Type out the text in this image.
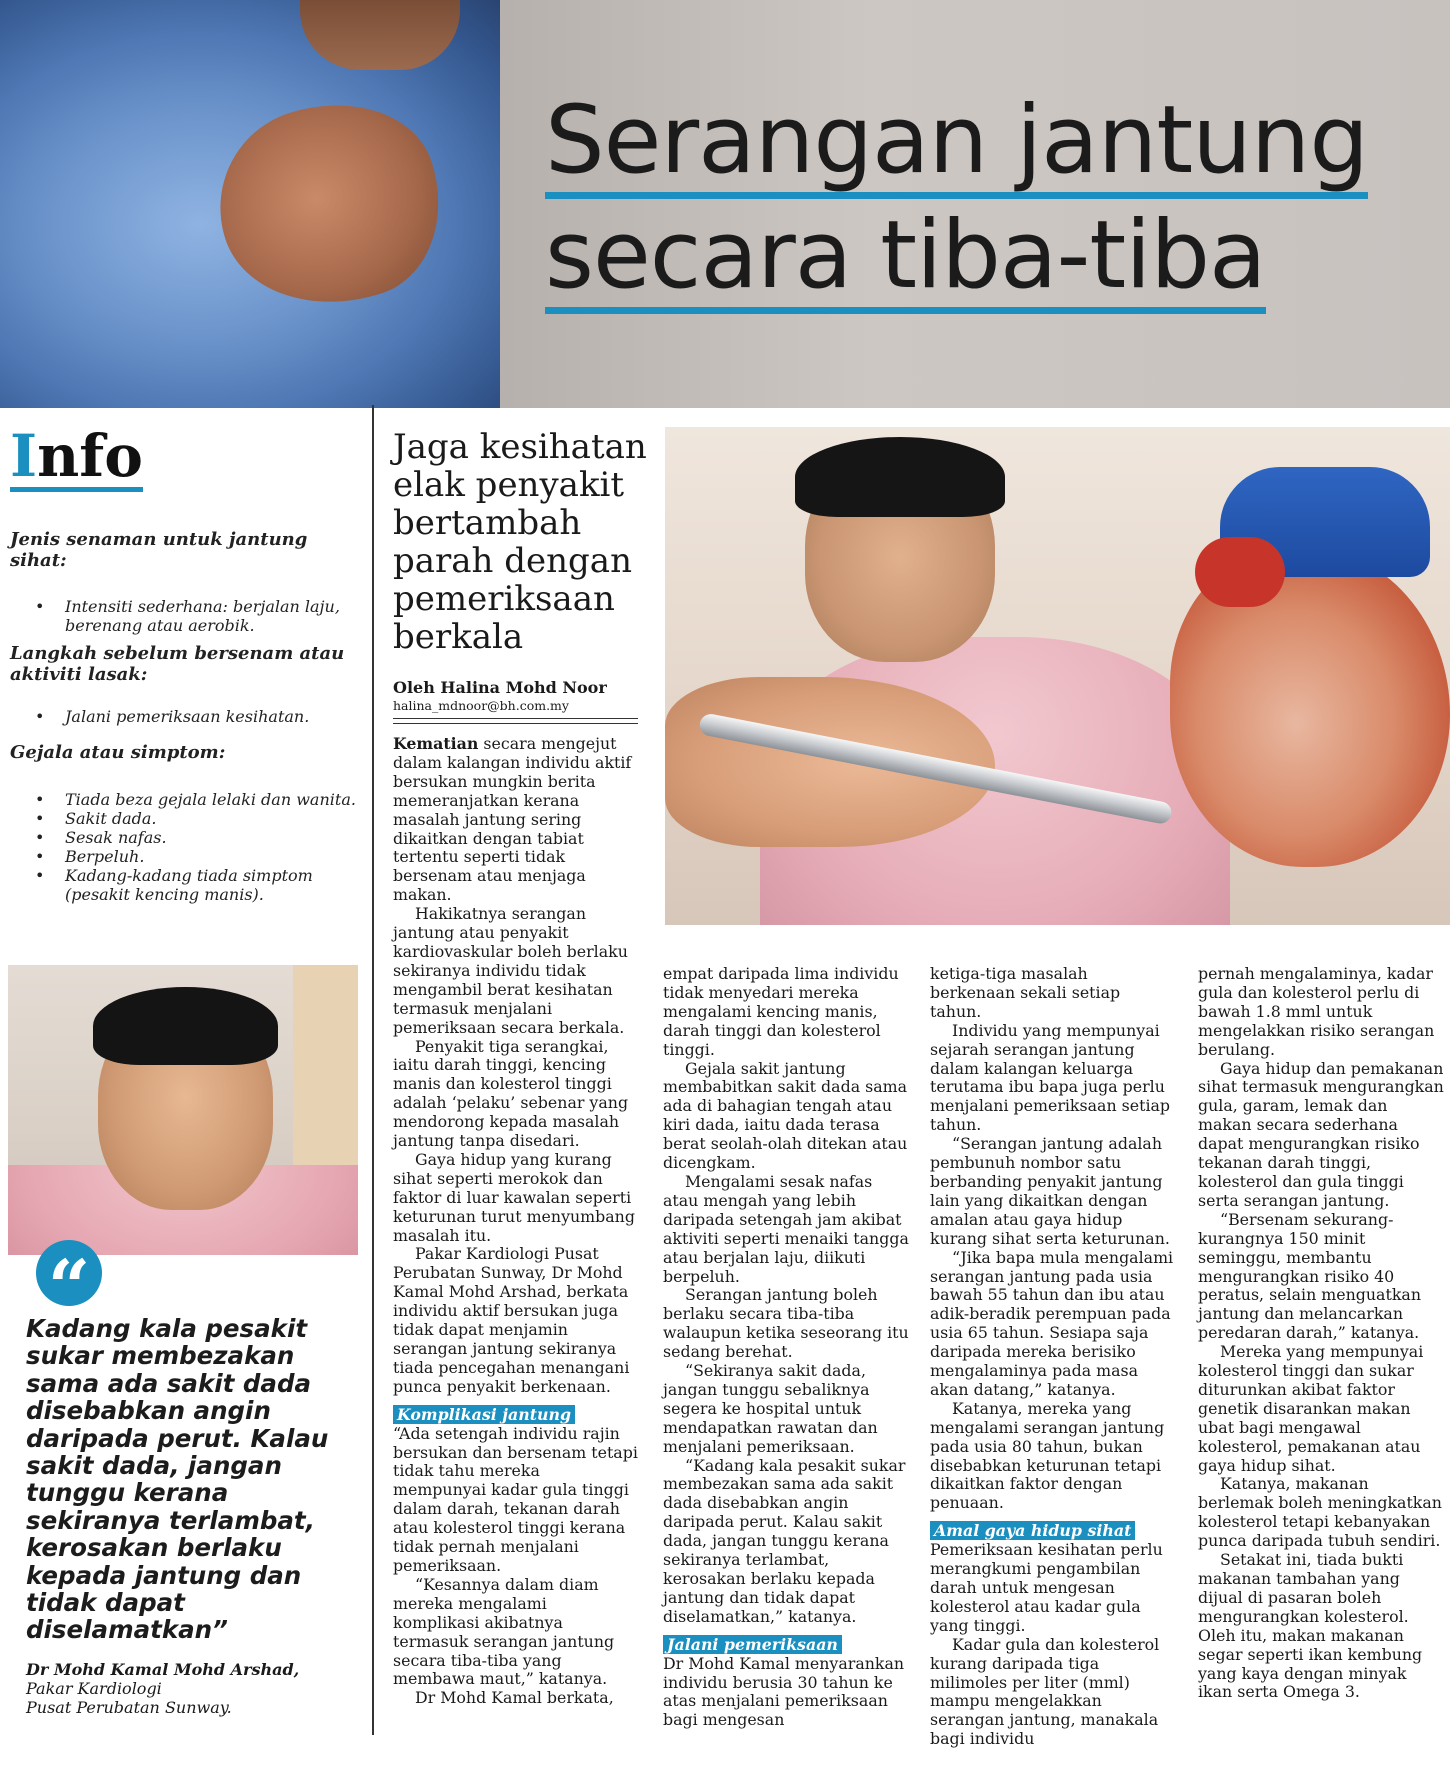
Serangan jantung
secara tiba-tiba
Info
Jenis senaman untuk jantung sihat:
• Intensiti sederhana: berjalan laju, berenang atau aerobik.
Langkah sebelum bersenam atau aktiviti lasak:
• Jalani pemeriksaan kesihatan.
Gejala atau simptom:
• Tiada beza gejala lelaki dan wanita.
• Sakit dada.
• Sesak nafas.
• Berpeluh.
• Kadang-kadang tiada simptom (pesakit kencing manis).
“
Kadang kala pesakit sukar membezakan sama ada sakit dada disebabkan angin daripada perut. Kalau sakit dada, jangan tunggu kerana sekiranya terlambat, kerosakan berlaku kepada jantung dan tidak dapat diselamatkan”
Dr Mohd Kamal Mohd Arshad,
Pakar Kardiologi
Pusat Perubatan Sunway.
Jaga kesihatan elak penyakit bertambah parah dengan pemeriksaan berkala
Oleh Halina Mohd Noor
halina_mdnoor@bh.com.my

Kematian secara mengejut dalam kalangan individu aktif bersukan mungkin berita memeranjatkan kerana masalah jantung sering dikaitkan dengan tabiat tertentu seperti tidak bersenam atau menjaga makan.

Hakikatnya serangan jantung atau penyakit kardiovaskular boleh berlaku sekiranya individu tidak mengambil berat kesihatan termasuk menjalani pemeriksaan secara berkala.

Penyakit tiga serangkai, iaitu darah tinggi, kencing manis dan kolesterol tinggi adalah ‘pelaku’ sebenar yang mendorong kepada masalah jantung tanpa disedari.

Gaya hidup yang kurang sihat seperti merokok dan faktor di luar kawalan seperti keturunan turut menyumbang masalah itu.

Pakar Kardiologi Pusat Perubatan Sunway, Dr Mohd Kamal Mohd Arshad, berkata individu aktif bersukan juga tidak dapat menjamin serangan jantung sekiranya tiada pencegahan menangani punca penyakit berkenaan.

Komplikasi jantung

“Ada setengah individu rajin bersukan dan bersenam tetapi tidak tahu mereka mempunyai kadar gula tinggi dalam darah, tekanan darah atau kolesterol tinggi kerana tidak pernah menjalani pemeriksaan.

“Kesannya dalam diam mereka mengalami komplikasi akibatnya termasuk serangan jantung secara tiba-tiba yang membawa maut,” katanya.

Dr Mohd Kamal berkata,

empat daripada lima individu tidak menyedari mereka mengalami kencing manis, darah tinggi dan kolesterol tinggi.

Gejala sakit jantung membabitkan sakit dada sama ada di bahagian tengah atau kiri dada, iaitu dada terasa berat seolah-olah ditekan atau dicengkam.

Mengalami sesak nafas atau mengah yang lebih daripada setengah jam akibat aktiviti seperti menaiki tangga atau berjalan laju, diikuti berpeluh.

Serangan jantung boleh berlaku secara tiba-tiba walaupun ketika seseorang itu sedang berehat.

“Sekiranya sakit dada, jangan tunggu sebaliknya segera ke hospital untuk mendapatkan rawatan dan menjalani pemeriksaan.

“Kadang kala pesakit sukar membezakan sama ada sakit dada disebabkan angin daripada perut. Kalau sakit dada, jangan tunggu kerana sekiranya terlambat, kerosakan berlaku kepada jantung dan tidak dapat diselamatkan,” katanya.

Jalani pemeriksaan

Dr Mohd Kamal menyarankan individu berusia 30 tahun ke atas menjalani pemeriksaan bagi mengesan

ketiga-tiga masalah berkenaan sekali setiap tahun.

Individu yang mempunyai sejarah serangan jantung dalam kalangan keluarga terutama ibu bapa juga perlu menjalani pemeriksaan setiap tahun.

“Serangan jantung adalah pembunuh nombor satu berbanding penyakit jantung lain yang dikaitkan dengan amalan atau gaya hidup kurang sihat serta keturunan.

“Jika bapa mula mengalami serangan jantung pada usia bawah 55 tahun dan ibu atau adik-beradik perempuan pada usia 65 tahun. Sesiapa saja daripada mereka berisiko mengalaminya pada masa akan datang,” katanya.

Katanya, mereka yang mengalami serangan jantung pada usia 80 tahun, bukan disebabkan keturunan tetapi dikaitkan faktor dengan penuaan.

Amal gaya hidup sihat

Pemeriksaan kesihatan perlu merangkumi pengambilan darah untuk mengesan kolesterol atau kadar gula yang tinggi.

Kadar gula dan kolesterol kurang daripada tiga milimoles per liter (mml) mampu mengelakkan serangan jantung, manakala bagi individu

pernah mengalaminya, kadar gula dan kolesterol perlu di bawah 1.8 mml untuk mengelakkan risiko serangan berulang.

Gaya hidup dan pemakanan sihat termasuk mengurangkan gula, garam, lemak dan makan secara sederhana dapat mengurangkan risiko tekanan darah tinggi, kolesterol dan gula tinggi serta serangan jantung.

“Bersenam sekurang-kurangnya 150 minit seminggu, membantu mengurangkan risiko 40 peratus, selain menguatkan jantung dan melancarkan peredaran darah,” katanya.

Mereka yang mempunyai kolesterol tinggi dan sukar diturunkan akibat faktor genetik disarankan makan ubat bagi mengawal kolesterol, pemakanan atau gaya hidup sihat.

Katanya, makanan berlemak boleh meningkatkan kolesterol tetapi kebanyakan punca daripada tubuh sendiri.

Setakat ini, tiada bukti makanan tambahan yang dijual di pasaran boleh mengurangkan kolesterol. Oleh itu, makan makanan segar seperti ikan kembung yang kaya dengan minyak ikan serta Omega 3.
